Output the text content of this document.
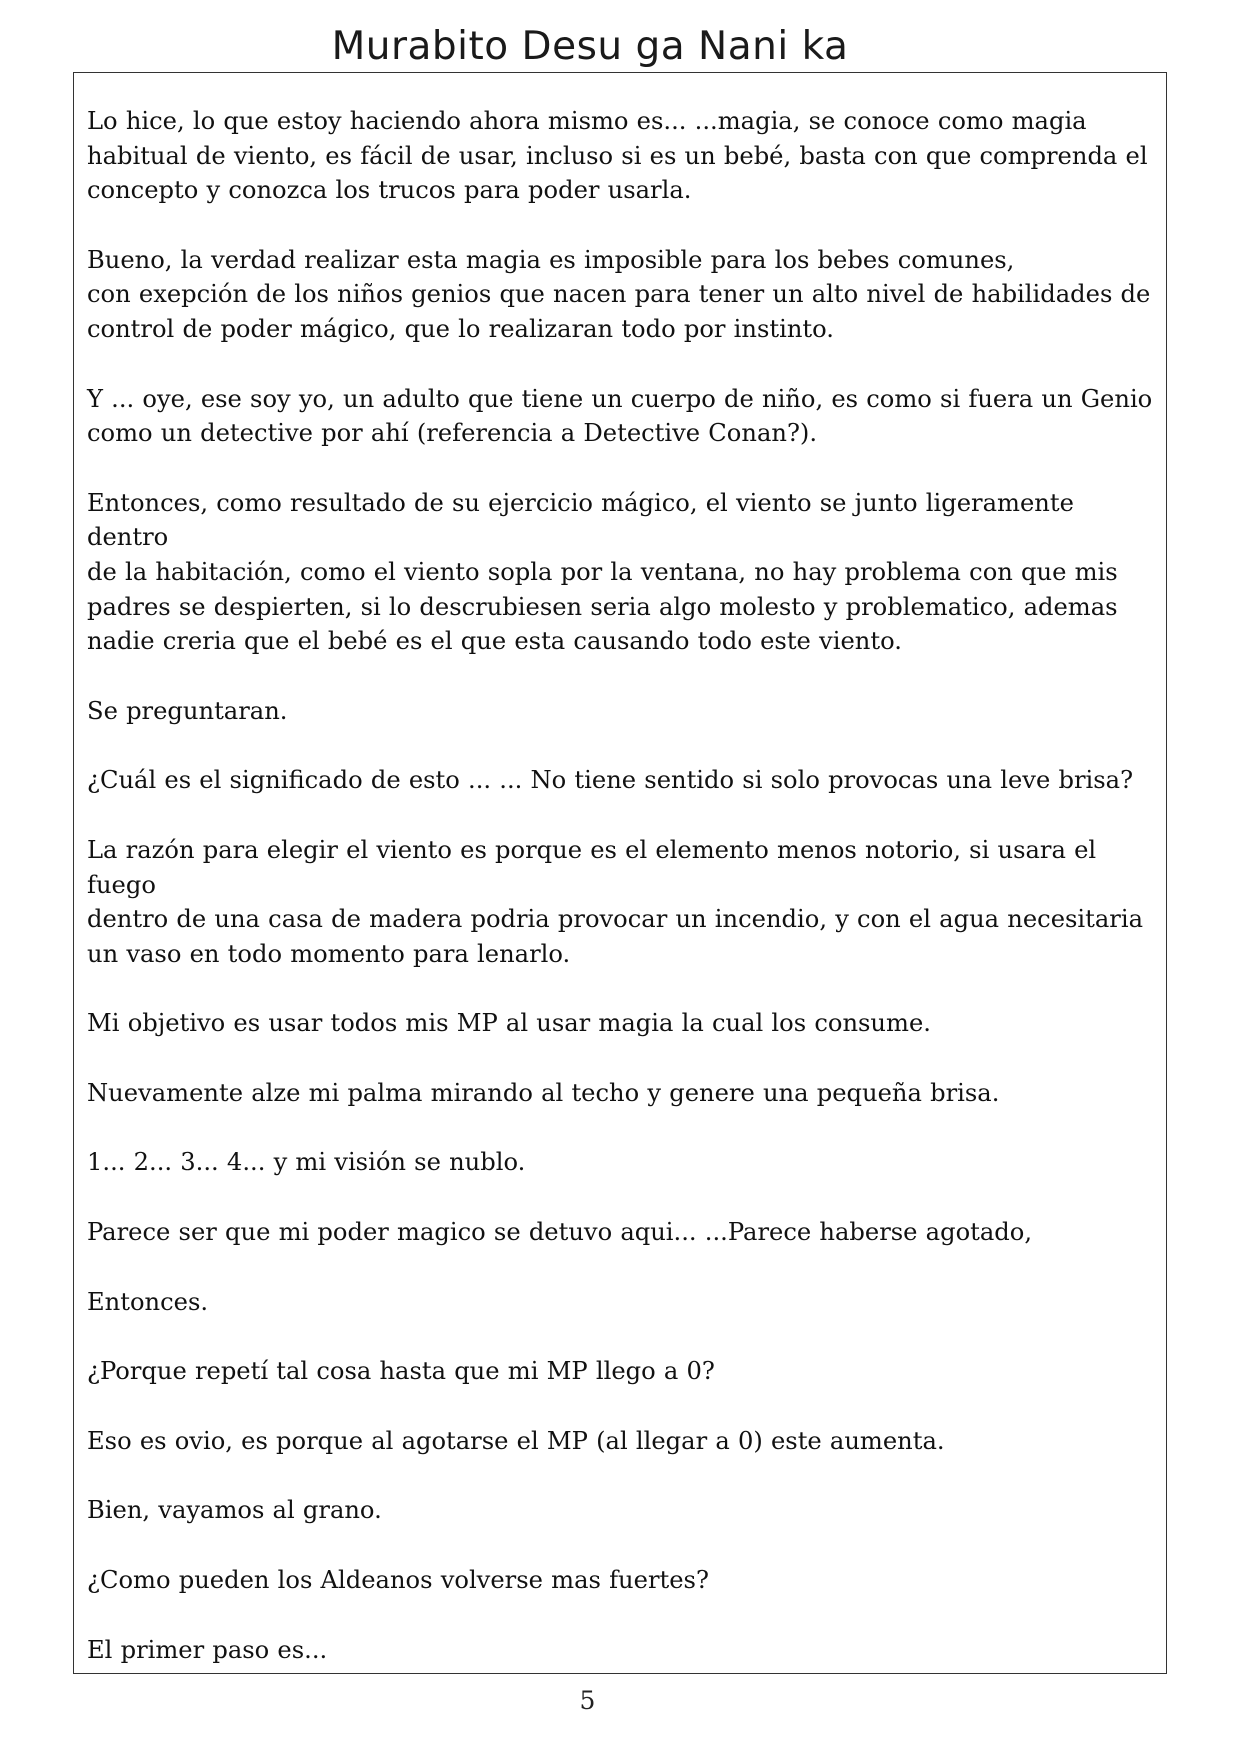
Murabito Desu ga Nani ka

Lo hice, lo que estoy haciendo ahora mismo es... ...magia, se conoce como magia
habitual de viento, es fácil de usar, incluso si es un bebé, basta con que comprenda el
concepto y conozca los trucos para poder usarla.

Bueno, la verdad realizar esta magia es imposible para los bebes comunes,
con exepción de los niños genios que nacen para tener un alto nivel de habilidades de
control de poder mágico, que lo realizaran todo por instinto.

Y ... oye, ese soy yo, un adulto que tiene un cuerpo de niño, es como si fuera un Genio
como un detective por ahí (referencia a Detective Conan?).

Entonces, como resultado de su ejercicio mágico, el viento se junto ligeramente dentro
de la habitación, como el viento sopla por la ventana, no hay problema con que mis
padres se despierten, si lo descrubiesen seria algo molesto y problematico, ademas
nadie creria que el bebé es el que esta causando todo este viento.

Se preguntaran.

¿Cuál es el significado de esto ... ... No tiene sentido si solo provocas una leve brisa?

La razón para elegir el viento es porque es el elemento menos notorio, si usara el fuego
dentro de una casa de madera podria provocar un incendio, y con el agua necesitaria
un vaso en todo momento para lenarlo.

Mi objetivo es usar todos mis MP al usar magia la cual los consume.

Nuevamente alze mi palma mirando al techo y genere una pequeña brisa.

1... 2... 3... 4... y mi visión se nublo.

Parece ser que mi poder magico se detuvo aqui... ...Parece haberse agotado,

Entonces.

¿Porque repetí tal cosa hasta que mi MP llego a 0?

Eso es ovio, es porque al agotarse el MP (al llegar a 0) este aumenta.

Bien, vayamos al grano.

¿Como pueden los Aldeanos volverse mas fuertes?

El primer paso es...

5
